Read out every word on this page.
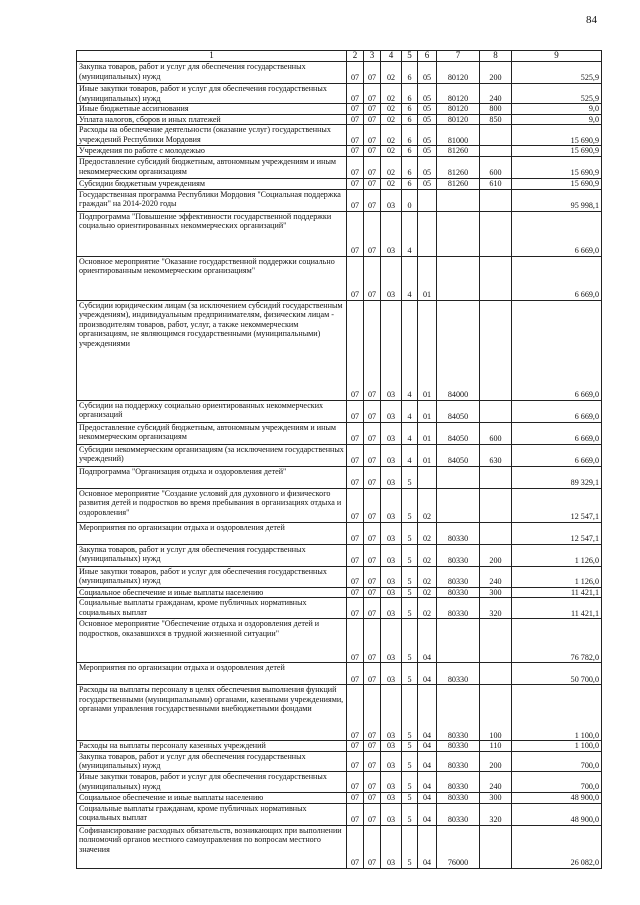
84
1	2	3	4	5	6	7	8	9
Закупка товаров, работ и услуг для обеспечения государственных (муниципальных) нужд	07	07	02	6	05	80120	200	525,9
Иные закупки товаров, работ и услуг для обеспечения государственных (муниципальных) нужд	07	07	02	6	05	80120	240	525,9
Иные бюджетные ассигнования	07	07	02	6	05	80120	800	9,0
Уплата налогов, сборов и иных платежей	07	07	02	6	05	80120	850	9,0
Расходы на обеспечение деятельности (оказание услуг) государственных учреждений Республики Мордовия	07	07	02	6	05	81000		15 690,9
Учреждения по работе с молодежью	07	07	02	6	05	81260		15 690,9
Предоставление субсидий бюджетным, автономным учреждениям и иным некоммерческим организациям	07	07	02	6	05	81260	600	15 690,9
Субсидии бюджетным учреждениям	07	07	02	6	05	81260	610	15 690,9
Государственная программа Республики Мордовия "Социальная поддержка граждан" на 2014-2020 годы	07	07	03	0				95 998,1
Подпрограмма "Повышение эффективности государственной поддержки социально ориентированных некоммерческих организаций"	07	07	03	4				6 669,0
Основное мероприятие "Оказание государственной поддержки социально ориентированным некоммерческим организациям"	07	07	03	4	01			6 669,0
Субсидии юридическим лицам (за исключением субсидий государственным учреждениям), индивидуальным предпринимателям, физическим лицам - производителям товаров, работ, услуг, а также некоммерческим организациям, не являющимся государственными (муниципальными) учреждениями	07	07	03	4	01	84000		6 669,0
Субсидии на поддержку социально ориентированных некоммерческих организаций	07	07	03	4	01	84050		6 669,0
Предоставление субсидий бюджетным, автономным учреждениям и иным некоммерческим организациям	07	07	03	4	01	84050	600	6 669,0
Субсидии некоммерческим организациям (за исключением государственных учреждений)	07	07	03	4	01	84050	630	6 669,0
Подпрограмма "Организация отдыха и оздоровления детей"	07	07	03	5				89 329,1
Основное мероприятие "Создание условий для духовного и физического развития детей и подростков во время пребывания в организациях отдыха и оздоровления"	07	07	03	5	02			12 547,1
Мероприятия по организации отдыха и оздоровления детей	07	07	03	5	02	80330		12 547,1
Закупка товаров, работ и услуг для обеспечения государственных (муниципальных) нужд	07	07	03	5	02	80330	200	1 126,0
Иные закупки товаров, работ и услуг для обеспечения государственных (муниципальных) нужд	07	07	03	5	02	80330	240	1 126,0
Социальное обеспечение и иные выплаты населению	07	07	03	5	02	80330	300	11 421,1
Социальные выплаты гражданам, кроме публичных нормативных социальных выплат	07	07	03	5	02	80330	320	11 421,1
Основное мероприятие "Обеспечение отдыха и оздоровления детей и подростков, оказавшихся в трудной жизненной ситуации"	07	07	03	5	04			76 782,0
Мероприятия по организации отдыха и оздоровления детей	07	07	03	5	04	80330		50 700,0
Расходы на выплаты персоналу в целях обеспечения выполнения функций государственными (муниципальными) органами, казенными учреждениями, органами управления государственными внебюджетными фондами	07	07	03	5	04	80330	100	1 100,0
Расходы на выплаты персоналу казенных учреждений	07	07	03	5	04	80330	110	1 100,0
Закупка товаров, работ и услуг для обеспечения государственных (муниципальных) нужд	07	07	03	5	04	80330	200	700,0
Иные закупки товаров, работ и услуг для обеспечения государственных (муниципальных) нужд	07	07	03	5	04	80330	240	700,0
Социальное обеспечение и иные выплаты населению	07	07	03	5	04	80330	300	48 900,0
Социальные выплаты гражданам, кроме публичных нормативных социальных выплат	07	07	03	5	04	80330	320	48 900,0
Софинансирование расходных обязательств, возникающих при выполнении полномочий органов местного самоуправления по вопросам местного значения	07	07	03	5	04	76000		26 082,0
